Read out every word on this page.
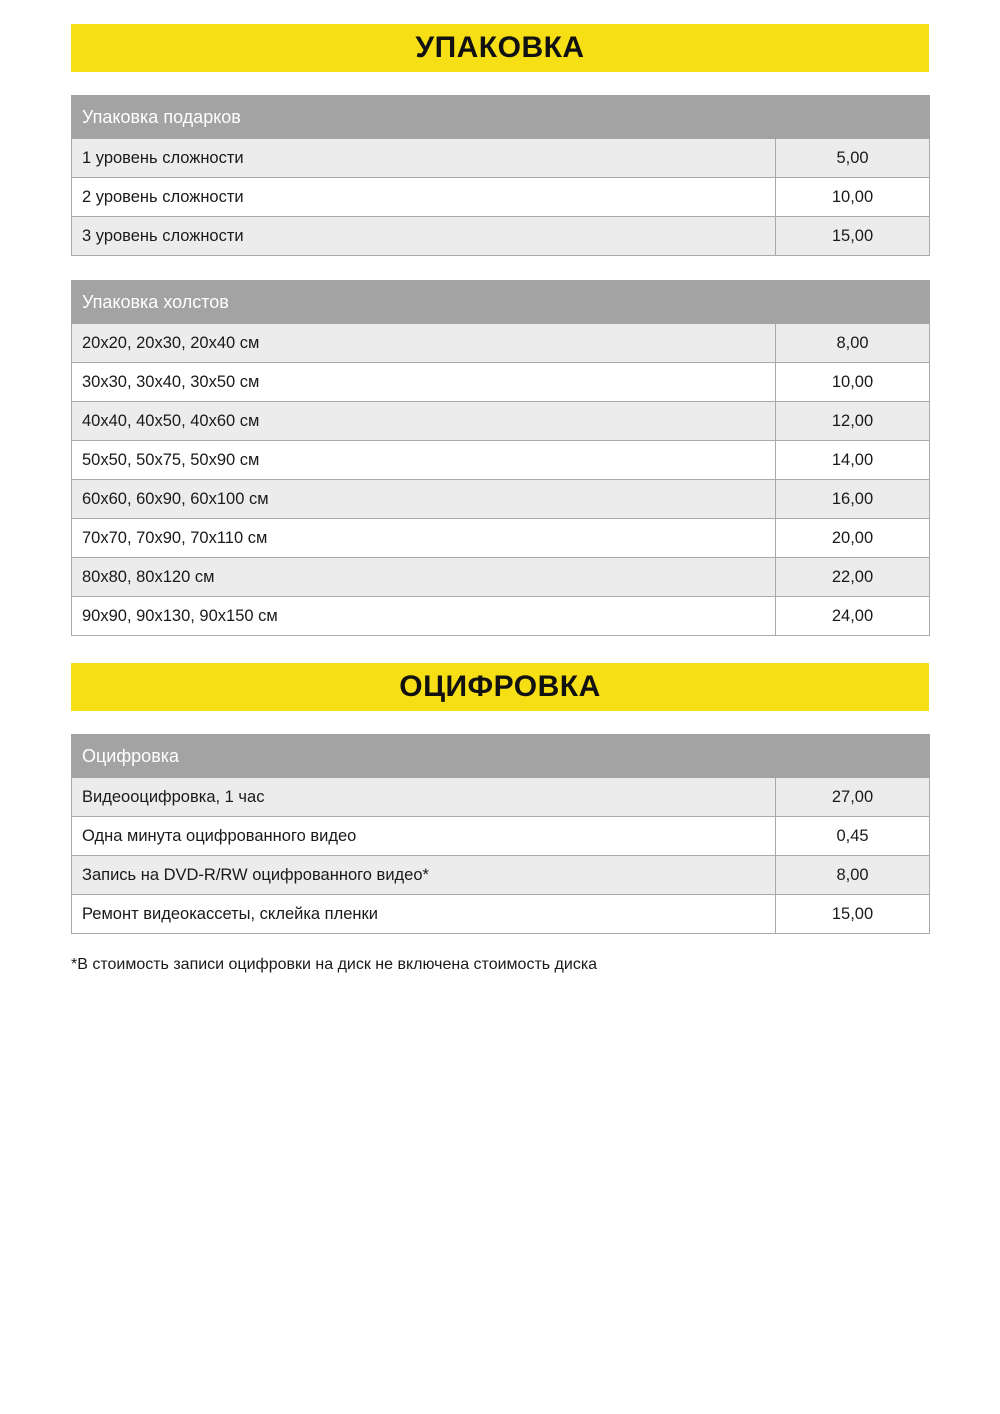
УПАКОВКА
Упаковка подарков	
1 уровень сложности	5,00
2 уровень сложности	10,00
3 уровень сложности	15,00
Упаковка холстов	
20x20, 20x30, 20x40 см	8,00
30x30, 30x40, 30x50 см	10,00
40x40, 40x50, 40x60 см	12,00
50x50, 50x75, 50x90 см	14,00
60x60, 60x90, 60x100 см	16,00
70x70, 70x90, 70x110 см	20,00
80x80, 80x120 см	22,00
90x90, 90x130, 90x150 см	24,00
ОЦИФРОВКА
Оцифровка	
Видеооцифровка, 1 час	27,00
Одна минута оцифрованного видео	0,45
Запись на DVD-R/RW оцифрованного видео*	8,00
Ремонт видеокассеты, склейка пленки	15,00
*В стоимость записи оцифровки на диск не включена стоимость диска
